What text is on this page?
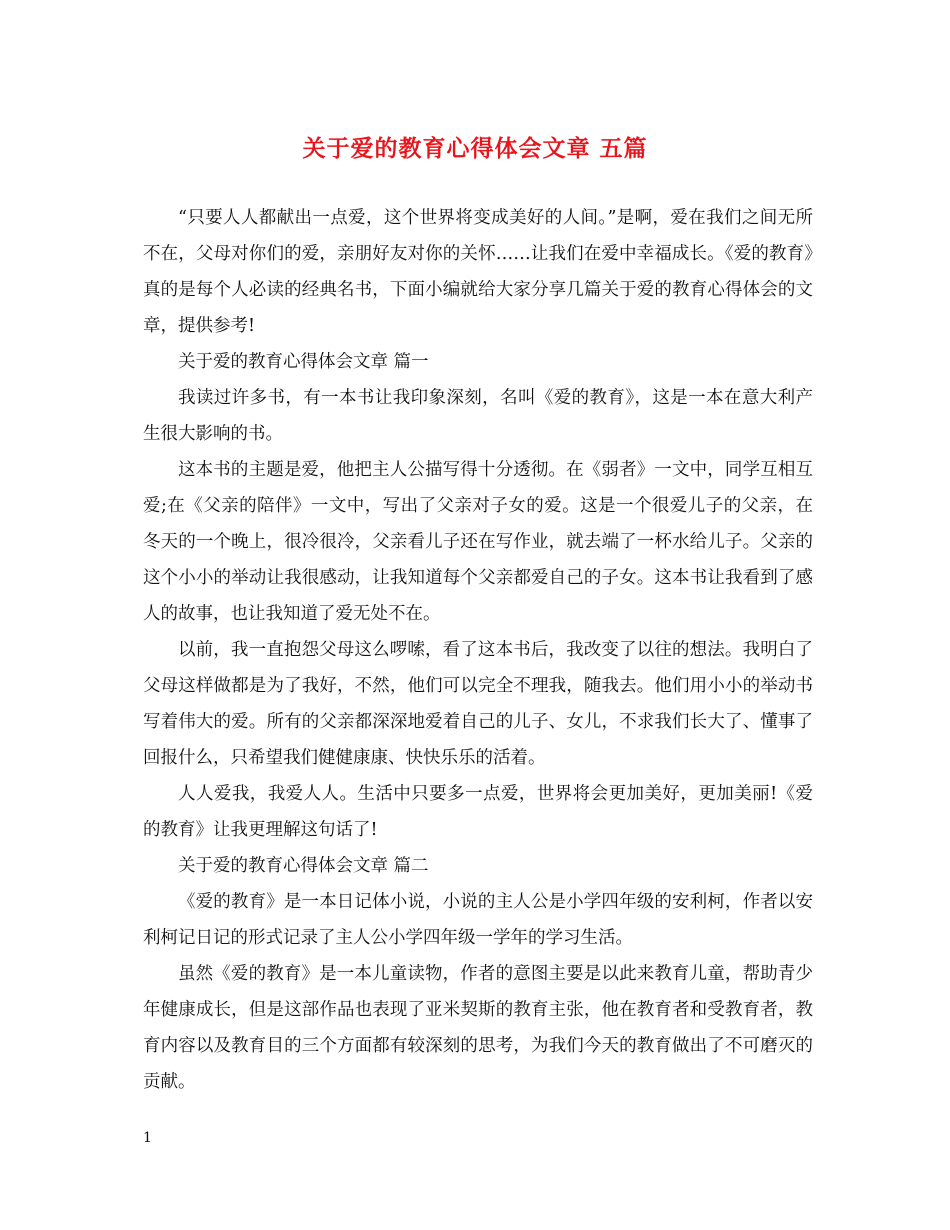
关于爱的教育心得体会文章 五篇

“只要人人都献出一点爱，这个世界将变成美好的人间。”是啊，爱在我们之间无所不在，父母对你们的爱，亲朋好友对你的关怀……让我们在爱中幸福成长。《爱的教育》真的是每个人必读的经典名书，下面小编就给大家分享几篇关于爱的教育心得体会的文章，提供参考!

关于爱的教育心得体会文章 篇一

我读过许多书，有一本书让我印象深刻，名叫《爱的教育》，这是一本在意大利产生很大影响的书。

这本书的主题是爱，他把主人公描写得十分透彻。在《弱者》一文中，同学互相互爱;在《父亲的陪伴》一文中，写出了父亲对子女的爱。这是一个很爱儿子的父亲，在冬天的一个晚上，很冷很冷，父亲看儿子还在写作业，就去端了一杯水给儿子。父亲的这个小小的举动让我很感动，让我知道每个父亲都爱自己的子女。这本书让我看到了感人的故事，也让我知道了爱无处不在。

以前，我一直抱怨父母这么啰嗦，看了这本书后，我改变了以往的想法。我明白了父母这样做都是为了我好，不然，他们可以完全不理我，随我去。他们用小小的举动书写着伟大的爱。所有的父亲都深深地爱着自己的儿子、女儿，不求我们长大了、懂事了回报什么，只希望我们健健康康、快快乐乐的活着。

人人爱我，我爱人人。生活中只要多一点爱，世界将会更加美好，更加美丽!《爱的教育》让我更理解这句话了!

关于爱的教育心得体会文章 篇二

《爱的教育》是一本日记体小说，小说的主人公是小学四年级的安利柯，作者以安利柯记日记的形式记录了主人公小学四年级一学年的学习生活。

虽然《爱的教育》是一本儿童读物，作者的意图主要是以此来教育儿童，帮助青少年健康成长，但是这部作品也表现了亚米契斯的教育主张，他在教育者和受教育者，教育内容以及教育目的三个方面都有较深刻的思考，为我们今天的教育做出了不可磨灭的贡献。

1
